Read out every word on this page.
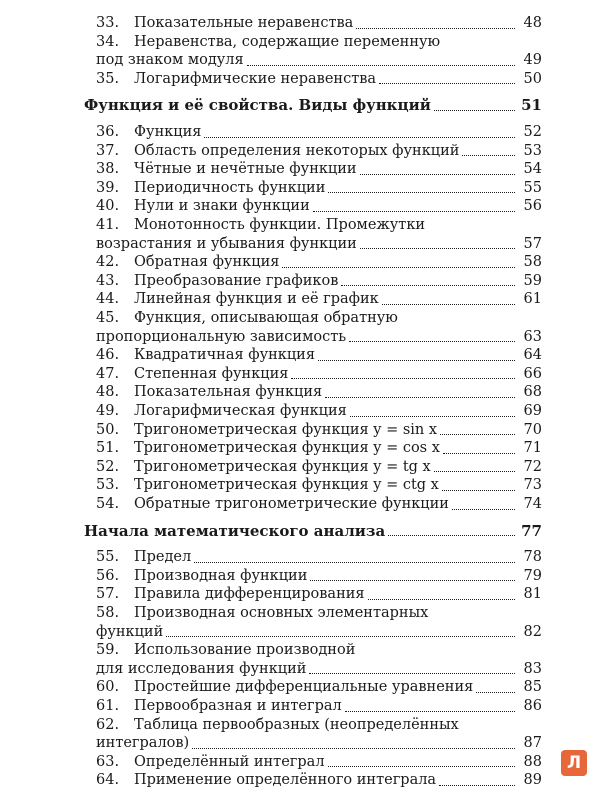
33.	Показательные неравенства	48
34.	Неравенства, содержащие переменную
под знаком модуля	49
35.	Логарифмические неравенства	50
Функция и её свойства. Виды функций	51
36.	Функция	52
37.	Область определения некоторых функций	53
38.	Чётные и нечётные функции	54
39.	Периодичность функции	55
40.	Нули и знаки функции	56
41.	Монотонность функции. Промежутки
возрастания и убывания функции	57
42.	Обратная функция	58
43.	Преобразование графиков	59
44.	Линейная функция и её график	61
45.	Функция, описывающая обратную
пропорциональную зависимость	63
46.	Квадратичная функция	64
47.	Степенная функция	66
48.	Показательная функция	68
49.	Логарифмическая функция	69
50.	Тригонометрическая функция y = sin x	70
51.	Тригонометрическая функция y = cos x	71
52.	Тригонометрическая функция y = tg x	72
53.	Тригонометрическая функция y = ctg x	73
54.	Обратные тригонометрические функции	74
Начала математического анализа	77
55.	Предел	78
56.	Производная функции	79
57.	Правила дифференцирования	81
58.	Производная основных элементарных
функций	82
59.	Использование производной
для исследования функций	83
60.	Простейшие дифференциальные уравнения	85
61.	Первообразная и интеграл	86
62.	Таблица первообразных (неопределённых
интегралов)	87
63.	Определённый интеграл	88
64.	Применение определённого интеграла	89
Л
